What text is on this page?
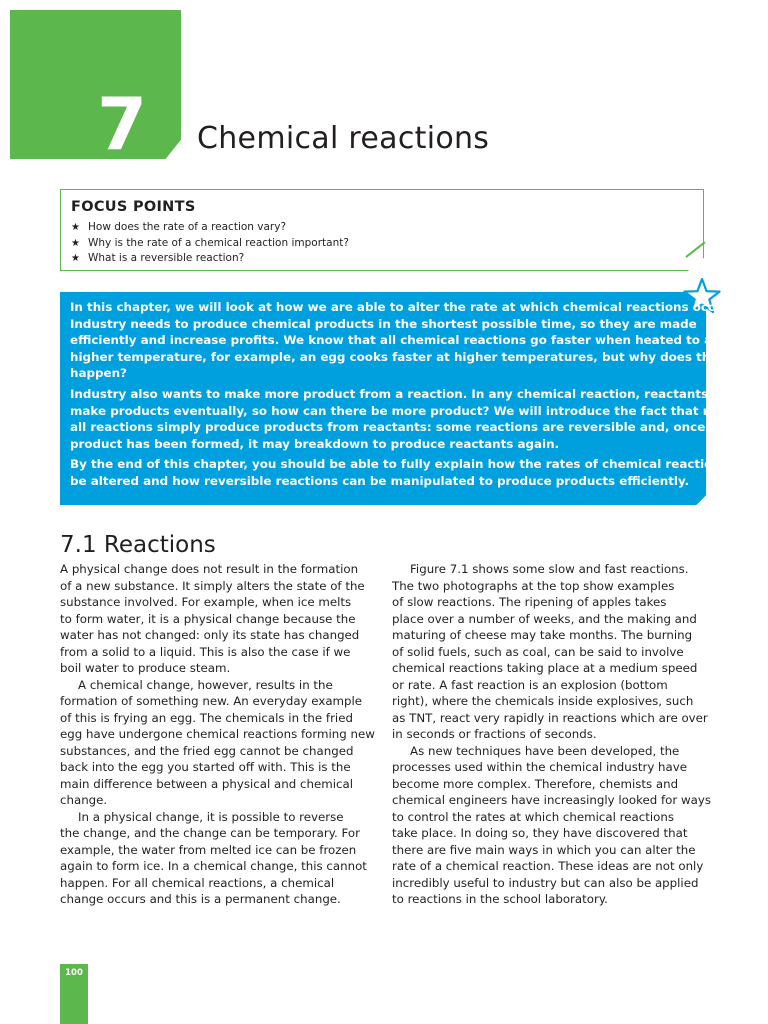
7 Chemical reactions
FOCUS POINTS
★ How does the rate of a reaction vary?
★ Why is the rate of a chemical reaction important?
★ What is a reversible reaction?

In this chapter, we will look at how we are able to alter the rate at which chemical reactions occur.
Industry needs to produce chemical products in the shortest possible time, so they are made
efficiently and increase profits. We know that all chemical reactions go faster when heated to a
higher temperature, for example, an egg cooks faster at higher temperatures, but why does this
happen?

Industry also wants to make more product from a reaction. In any chemical reaction, reactants will
make products eventually, so how can there be more product? We will introduce the fact that not
all reactions simply produce products from reactants: some reactions are reversible and, once the
product has been formed, it may breakdown to produce reactants again.

By the end of this chapter, you should be able to fully explain how the rates of chemical reactions can
be altered and how reversible reactions can be manipulated to produce products efficiently.

7.1 Reactions

A physical change does not result in the formation
of a new substance. It simply alters the state of the
substance involved. For example, when ice melts
to form water, it is a physical change because the
water has not changed: only its state has changed
from a solid to a liquid. This is also the case if we
boil water to produce steam.

A chemical change, however, results in the
formation of something new. An everyday example
of this is frying an egg. The chemicals in the fried
egg have undergone chemical reactions forming new
substances, and the fried egg cannot be changed
back into the egg you started off with. This is the
main difference between a physical and chemical
change.

In a physical change, it is possible to reverse
the change, and the change can be temporary. For
example, the water from melted ice can be frozen
again to form ice. In a chemical change, this cannot
happen. For all chemical reactions, a chemical
change occurs and this is a permanent change.

Figure 7.1 shows some slow and fast reactions.
The two photographs at the top show examples
of slow reactions. The ripening of apples takes
place over a number of weeks, and the making and
maturing of cheese may take months. The burning
of solid fuels, such as coal, can be said to involve
chemical reactions taking place at a medium speed
or rate. A fast reaction is an explosion (bottom
right), where the chemicals inside explosives, such
as TNT, react very rapidly in reactions which are over
in seconds or fractions of seconds.

As new techniques have been developed, the
processes used within the chemical industry have
become more complex. Therefore, chemists and
chemical engineers have increasingly looked for ways
to control the rates at which chemical reactions
take place. In doing so, they have discovered that
there are five main ways in which you can alter the
rate of a chemical reaction. These ideas are not only
incredibly useful to industry but can also be applied
to reactions in the school laboratory.

100
